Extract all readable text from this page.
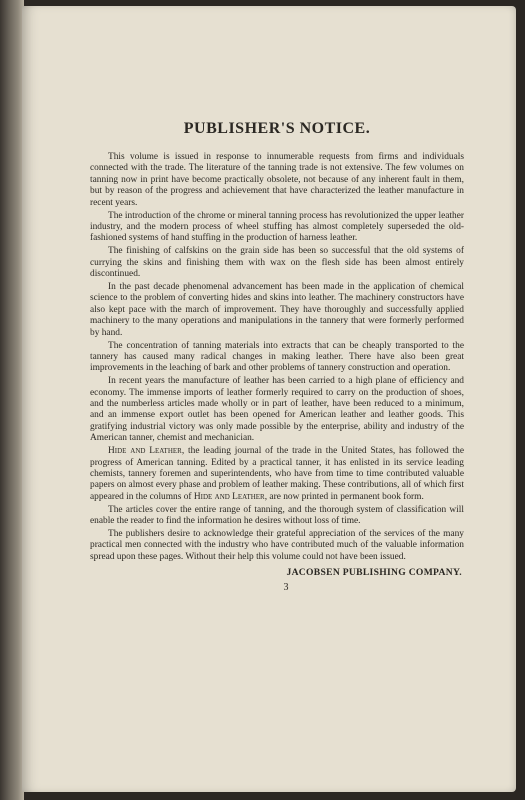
PUBLISHER'S NOTICE.

This volume is issued in response to innumerable requests from firms and individuals connected with the trade. The literature of the tanning trade is not extensive. The few volumes on tanning now in print have become practically obsolete, not because of any inherent fault in them, but by reason of the progress and achievement that have characterized the leather manufacture in recent years.

The introduction of the chrome or mineral tanning process has revolutionized the upper leather industry, and the modern process of wheel stuffing has almost completely superseded the old-fashioned systems of hand stuffing in the production of harness leather.

The finishing of calfskins on the grain side has been so successful that the old systems of currying the skins and finishing them with wax on the flesh side has been almost entirely discontinued.

In the past decade phenomenal advancement has been made in the application of chemical science to the problem of converting hides and skins into leather. The machinery constructors have also kept pace with the march of improvement. They have thoroughly and successfully applied machinery to the many operations and manipulations in the tannery that were formerly performed by hand.

The concentration of tanning materials into extracts that can be cheaply transported to the tannery has caused many radical changes in making leather. There have also been great improvements in the leaching of bark and other problems of tannery construction and operation.

In recent years the manufacture of leather has been carried to a high plane of efficiency and economy. The immense imports of leather formerly required to carry on the production of shoes, and the numberless articles made wholly or in part of leather, have been reduced to a minimum, and an immense export outlet has been opened for American leather and leather goods. This gratifying industrial victory was only made possible by the enterprise, ability and industry of the American tanner, chemist and mechanician.

Hide and Leather, the leading journal of the trade in the United States, has followed the progress of American tanning. Edited by a practical tanner, it has enlisted in its service leading chemists, tannery foremen and superintendents, who have from time to time contributed valuable papers on almost every phase and problem of leather making. These contributions, all of which first appeared in the columns of Hide and Leather, are now printed in permanent book form.

The articles cover the entire range of tanning, and the thorough system of classification will enable the reader to find the information he desires without loss of time.

The publishers desire to acknowledge their grateful appreciation of the services of the many practical men connected with the industry who have contributed much of the valuable information spread upon these pages. Without their help this volume could not have been issued.

JACOBSEN PUBLISHING COMPANY.
3
